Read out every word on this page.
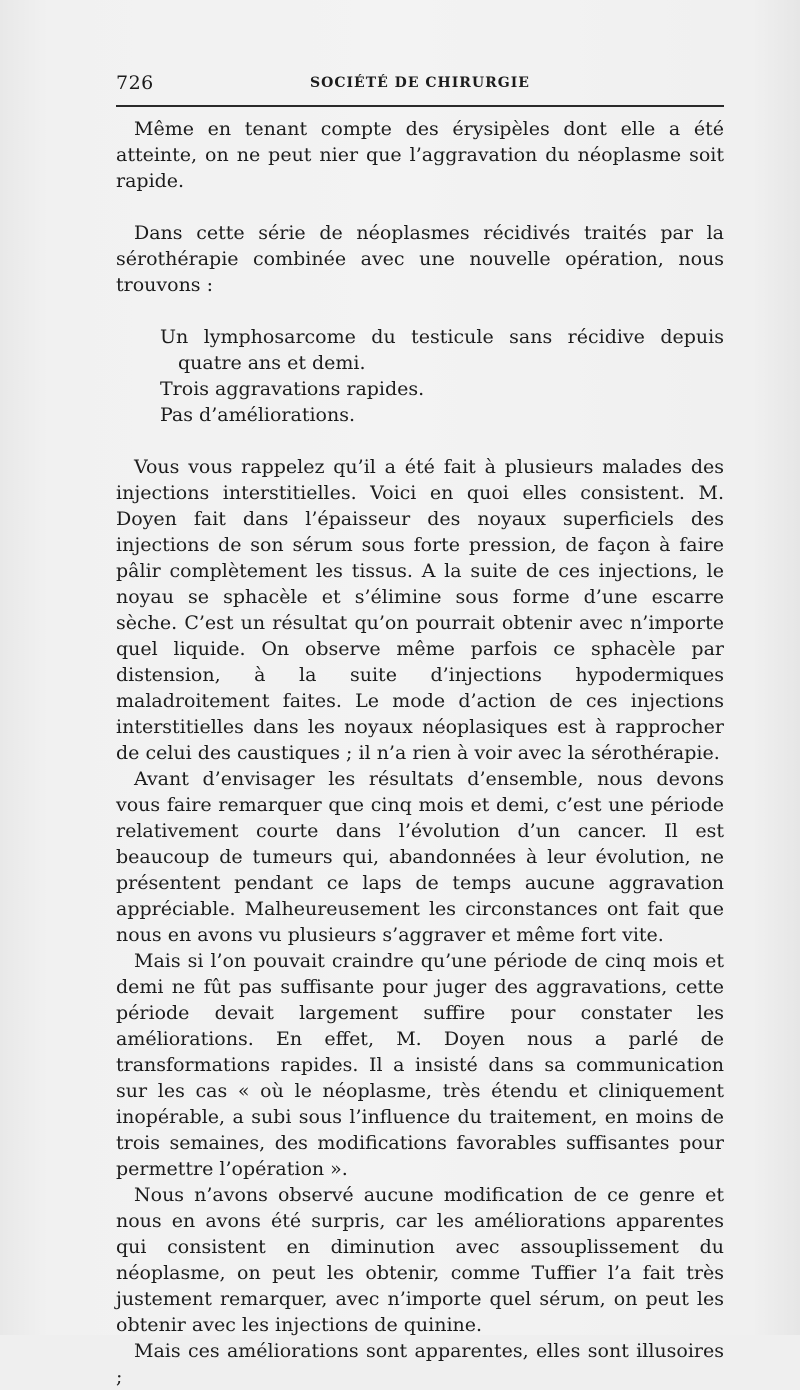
726	SOCIÉTÉ DE CHIRURGIE

Même en tenant compte des érysipèles dont elle a été atteinte, on ne peut nier que l’aggravation du néoplasme soit rapide.

Dans cette série de néoplasmes récidivés traités par la sérothérapie combinée avec une nouvelle opération, nous trouvons :

Un lymphosarcome du testicule sans récidive depuis quatre ans et demi.
Trois aggravations rapides.
Pas d’améliorations.

Vous vous rappelez qu’il a été fait à plusieurs malades des injections interstitielles. Voici en quoi elles consistent. M. Doyen fait dans l’épaisseur des noyaux superficiels des injections de son sérum sous forte pression, de façon à faire pâlir complètement les tissus. A la suite de ces injections, le noyau se sphacèle et s’élimine sous forme d’une escarre sèche. C’est un résultat qu’on pourrait obtenir avec n’importe quel liquide. On observe même parfois ce sphacèle par distension, à la suite d’injections hypodermiques maladroitement faites. Le mode d’action de ces injections interstitielles dans les noyaux néoplasiques est à rapprocher de celui des caustiques ; il n’a rien à voir avec la sérothérapie.

Avant d’envisager les résultats d’ensemble, nous devons vous faire remarquer que cinq mois et demi, c’est une période relativement courte dans l’évolution d’un cancer. Il est beaucoup de tumeurs qui, abandonnées à leur évolution, ne présentent pendant ce laps de temps aucune aggravation appréciable. Malheureusement les circonstances ont fait que nous en avons vu plusieurs s’aggraver et même fort vite.

Mais si l’on pouvait craindre qu’une période de cinq mois et demi ne fût pas suffisante pour juger des aggravations, cette période devait largement suffire pour constater les améliorations. En effet, M. Doyen nous a parlé de transformations rapides. Il a insisté dans sa communication sur les cas « où le néoplasme, très étendu et cliniquement inopérable, a subi sous l’influence du traitement, en moins de trois semaines, des modifications favorables suffisantes pour permettre l’opération ».

Nous n’avons observé aucune modification de ce genre et nous en avons été surpris, car les améliorations apparentes qui consistent en diminution avec assouplissement du néoplasme, on peut les obtenir, comme Tuffier l’a fait très justement remarquer, avec n’importe quel sérum, on peut les obtenir avec les injections de quinine.

Mais ces améliorations sont apparentes, elles sont illusoires ;
